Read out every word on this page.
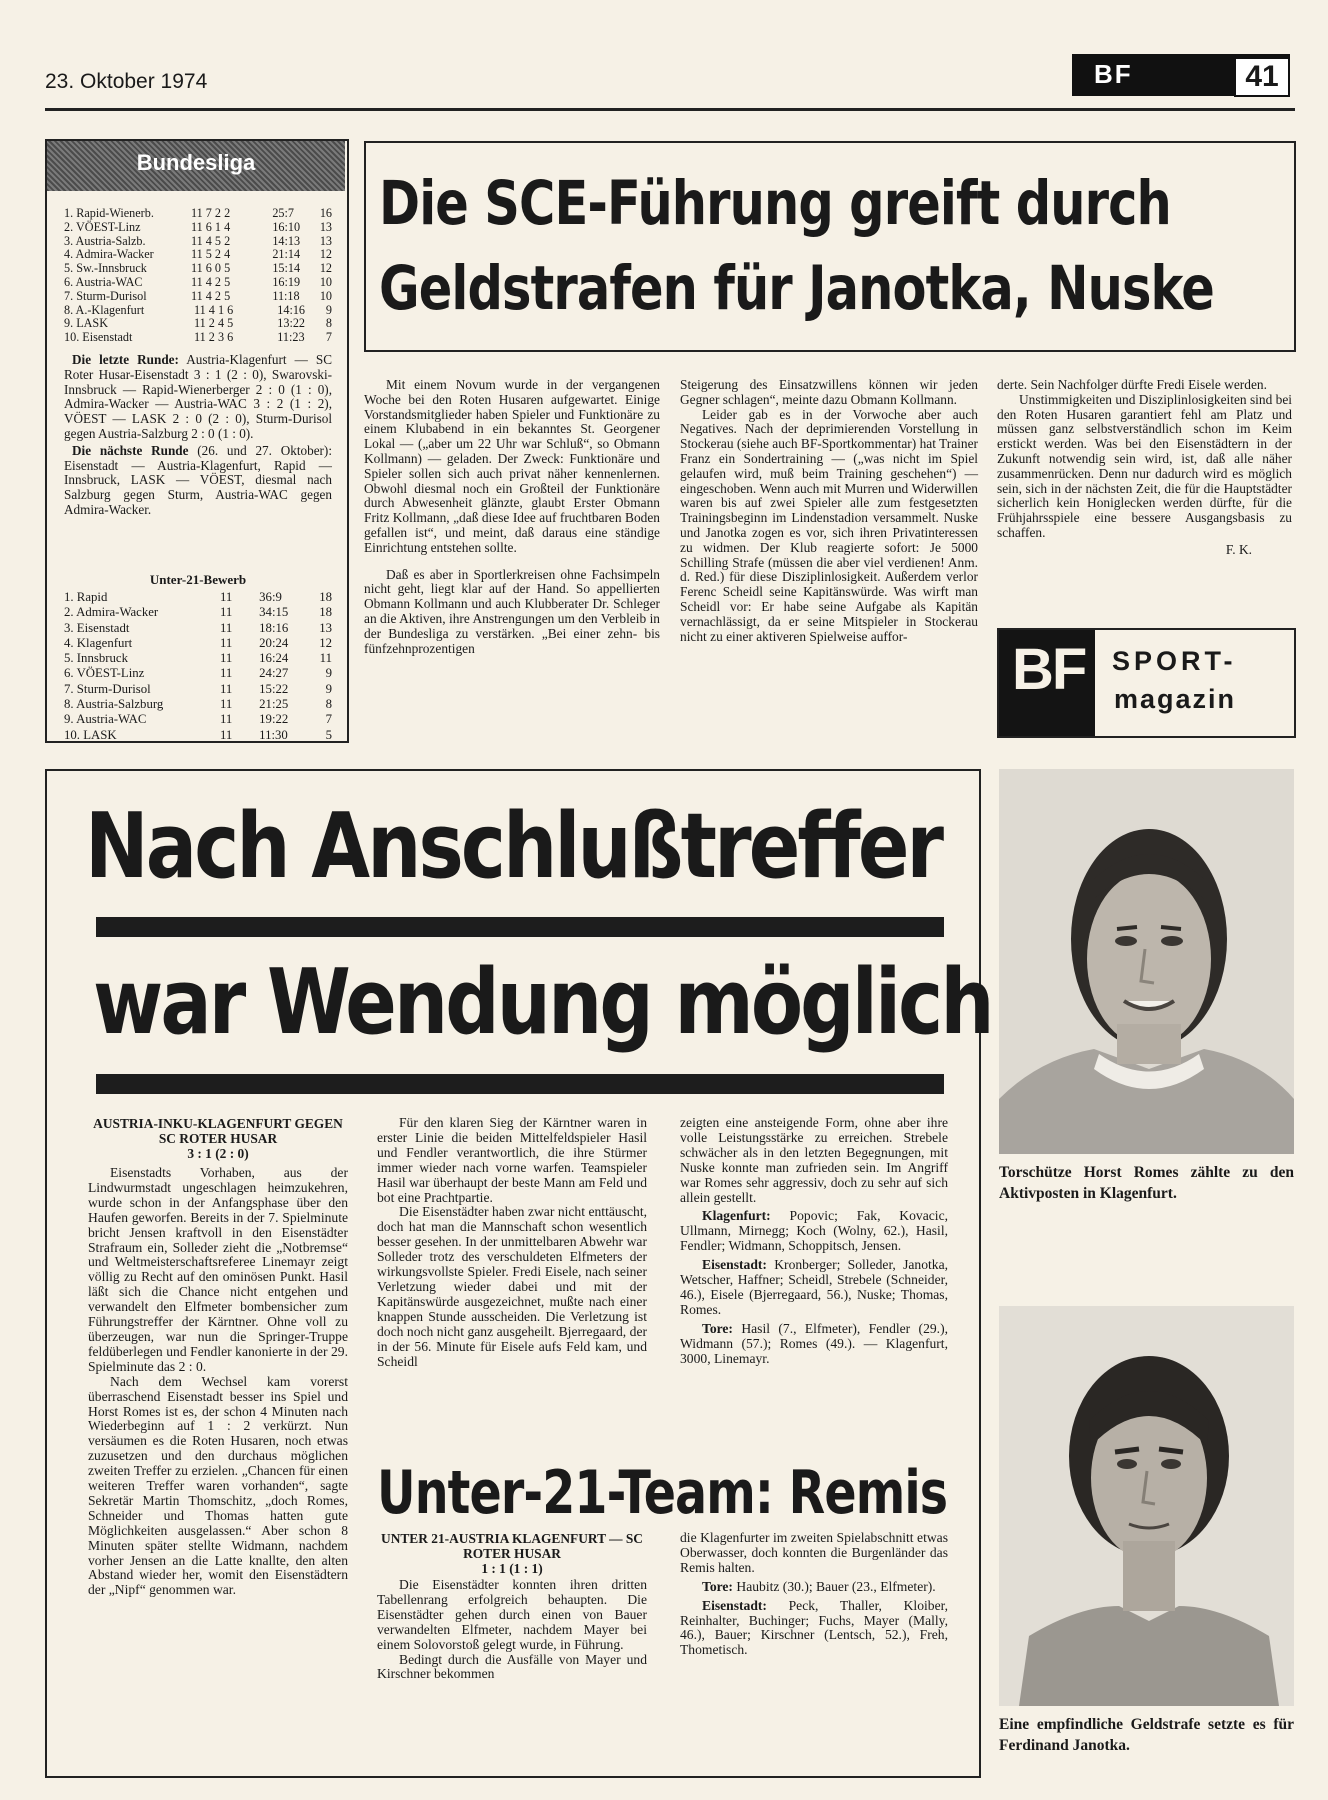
23. Oktober 1974	BF	41
Bundesliga
1. Rapid-Wienerb.	11 7 2 2	25:7	16
2. VÖEST-Linz	11 6 1 4	16:10	13
3. Austria-Salzb.	11 4 5 2	14:13	13
4. Admira-Wacker	11 5 2 4	21:14	12
5. Sw.-Innsbruck	11 6 0 5	15:14	12
6. Austria-WAC	11 4 2 5	16:19	10
7. Sturm-Durisol	11 4 2 5	11:18	10
8. A.-Klagenfurt	11 4 1 6	14:16	9
9. LASK	11 2 4 5	13:22	8
10. Eisenstadt	11 2 3 6	11:23	7

Die letzte Runde: Austria-Klagenfurt — SC Roter Husar-Eisenstadt 3 : 1 (2 : 0), Swarovski-Innsbruck — Rapid-Wienerberger 2 : 0 (1 : 0), Admira-Wacker — Austria-WAC 3 : 2 (1 : 2), VÖEST — LASK 2 : 0 (2 : 0), Sturm-Durisol gegen Austria-Salzburg 2 : 0 (1 : 0).

Die nächste Runde (26. und 27. Oktober): Eisenstadt — Austria-Klagenfurt, Rapid — Innsbruck, LASK — VÖEST, diesmal nach Salzburg gegen Sturm, Austria-WAC gegen Admira-Wacker.

Unter-21-Bewerb
1. Rapid	11	36:9	18
2. Admira-Wacker	11	34:15	18
3. Eisenstadt	11	18:16	13
4. Klagenfurt	11	20:24	12
5. Innsbruck	11	16:24	11
6. VÖEST-Linz	11	24:27	9
7. Sturm-Durisol	11	15:22	9
8. Austria-Salzburg	11	21:25	8
9. Austria-WAC	11	19:22	7
10. LASK	11	11:30	5
Die SCE-Führung greift durch
Geldstrafen für Janotka, Nuske

Mit einem Novum wurde in der vergangenen Woche bei den Roten Husaren aufgewartet. Einige Vorstandsmitglieder haben Spieler und Funktionäre zu einem Klubabend in ein bekanntes St. Georgener Lokal — („aber um 22 Uhr war Schluß“, so Obmann Kollmann) — geladen. Der Zweck: Funktionäre und Spieler sollen sich auch privat näher kennenlernen. Obwohl diesmal noch ein Großteil der Funktionäre durch Abwesenheit glänzte, glaubt Erster Obmann Fritz Kollmann, „daß diese Idee auf fruchtbaren Boden gefallen ist“, und meint, daß daraus eine ständige Einrichtung entstehen sollte.

Daß es aber in Sportlerkreisen ohne Fachsimpeln nicht geht, liegt klar auf der Hand. So appellierten Obmann Kollmann und auch Klubberater Dr. Schleger an die Aktiven, ihre Anstrengungen um den Verbleib in der Bundesliga zu verstärken. „Bei einer zehn- bis fünfzehnprozentigen

Steigerung des Einsatzwillens können wir jeden Gegner schlagen“, meinte dazu Obmann Kollmann.

Leider gab es in der Vorwoche aber auch Negatives. Nach der deprimierenden Vorstellung in Stockerau (siehe auch BF-Sportkommentar) hat Trainer Franz ein Sondertraining — („was nicht im Spiel gelaufen wird, muß beim Training geschehen“) — eingeschoben. Wenn auch mit Murren und Widerwillen waren bis auf zwei Spieler alle zum festgesetzten Trainingsbeginn im Lindenstadion versammelt. Nuske und Janotka zogen es vor, sich ihren Privatinteressen zu widmen. Der Klub reagierte sofort: Je 5000 Schilling Strafe (müssen die aber viel verdienen! Anm. d. Red.) für diese Disziplinlosigkeit. Außerdem verlor Ferenc Scheidl seine Kapitänswürde. Was wirft man Scheidl vor: Er habe seine Aufgabe als Kapitän vernachlässigt, da er seine Mitspieler in Stockerau nicht zu einer aktiveren Spielweise auffor-

derte. Sein Nachfolger dürfte Fredi Eisele werden.

Unstimmigkeiten und Disziplinlosigkeiten sind bei den Roten Husaren garantiert fehl am Platz und müssen ganz selbstverständlich schon im Keim erstickt werden. Was bei den Eisenstädtern in der Zukunft notwendig sein wird, ist, daß alle näher zusammenrücken. Denn nur dadurch wird es möglich sein, sich in der nächsten Zeit, die für die Hauptstädter sicherlich kein Honiglecken werden dürfte, für die Frühjahrsspiele eine bessere Ausgangsbasis zu schaffen.

F. K.

BF SPORT-
magazin
Nach Anschlußtreffer
war Wendung möglich
AUSTRIA-INKU-KLAGENFURT GEGEN SC ROTER HUSAR
3 : 1 (2 : 0)

Eisenstadts Vorhaben, aus der Lindwurmstadt ungeschlagen heimzukehren, wurde schon in der Anfangsphase über den Haufen geworfen. Bereits in der 7. Spielminute bricht Jensen kraftvoll in den Eisenstädter Strafraum ein, Solleder zieht die „Notbremse“ und Weltmeisterschaftsreferee Linemayr zeigt völlig zu Recht auf den ominösen Punkt. Hasil läßt sich die Chance nicht entgehen und verwandelt den Elfmeter bombensicher zum Führungstreffer der Kärntner. Ohne voll zu überzeugen, war nun die Springer-Truppe feldüberlegen und Fendler kanonierte in der 29. Spielminute das 2 : 0.

Nach dem Wechsel kam vorerst überraschend Eisenstadt besser ins Spiel und Horst Romes ist es, der schon 4 Minuten nach Wiederbeginn auf 1 : 2 verkürzt. Nun versäumen es die Roten Husaren, noch etwas zuzusetzen und den durchaus möglichen zweiten Treffer zu erzielen. „Chancen für einen weiteren Treffer waren vorhanden“, sagte Sekretär Martin Thomschitz, „doch Romes, Schneider und Thomas hatten gute Möglichkeiten ausgelassen.“ Aber schon 8 Minuten später stellte Widmann, nachdem vorher Jensen an die Latte knallte, den alten Abstand wieder her, womit den Eisenstädtern der „Nipf“ genommen war.

Für den klaren Sieg der Kärntner waren in erster Linie die beiden Mittelfeldspieler Hasil und Fendler verantwortlich, die ihre Stürmer immer wieder nach vorne warfen. Teamspieler Hasil war überhaupt der beste Mann am Feld und bot eine Prachtpartie.

Die Eisenstädter haben zwar nicht enttäuscht, doch hat man die Mannschaft schon wesentlich besser gesehen. In der unmittelbaren Abwehr war Solleder trotz des verschuldeten Elfmeters der wirkungsvollste Spieler. Fredi Eisele, nach seiner Verletzung wieder dabei und mit der Kapitänswürde ausgezeichnet, mußte nach einer knappen Stunde ausscheiden. Die Verletzung ist doch noch nicht ganz ausgeheilt. Bjerregaard, der in der 56. Minute für Eisele aufs Feld kam, und Scheidl

zeigten eine ansteigende Form, ohne aber ihre volle Leistungsstärke zu erreichen. Strebele schwächer als in den letzten Begegnungen, mit Nuske konnte man zufrieden sein. Im Angriff war Romes sehr aggressiv, doch zu sehr auf sich allein gestellt.

Klagenfurt: Popovic; Fak, Kovacic, Ullmann, Mirnegg; Koch (Wolny, 62.), Hasil, Fendler; Widmann, Schoppitsch, Jensen.

Eisenstadt: Kronberger; Solleder, Janotka, Wetscher, Haffner; Scheidl, Strebele (Schneider, 46.), Eisele (Bjerregaard, 56.), Nuske; Thomas, Romes.

Tore: Hasil (7., Elfmeter), Fendler (29.), Widmann (57.); Romes (49.). — Klagenfurt, 3000, Linemayr.

Unter-21-Team: Remis
UNTER 21-AUSTRIA KLAGENFURT — SC ROTER HUSAR
1 : 1 (1 : 1)

Die Eisenstädter konnten ihren dritten Tabellenrang erfolgreich behaupten. Die Eisenstädter gehen durch einen von Bauer verwandelten Elfmeter, nachdem Mayer bei einem Solovorstoß gelegt wurde, in Führung.

Bedingt durch die Ausfälle von Mayer und Kirschner bekommen

die Klagenfurter im zweiten Spielabschnitt etwas Oberwasser, doch konnten die Burgenländer das Remis halten.

Tore: Haubitz (30.); Bauer (23., Elfmeter).

Eisenstadt: Peck, Thaller, Kloiber, Reinhalter, Buchinger; Fuchs, Mayer (Mally, 46.), Bauer; Kirschner (Lentsch, 52.), Freh, Thometisch.

Torschütze Horst Romes zählte zu den Aktivposten in Klagenfurt.
Eine empfindliche Geldstrafe setzte es für Ferdinand Janotka.
